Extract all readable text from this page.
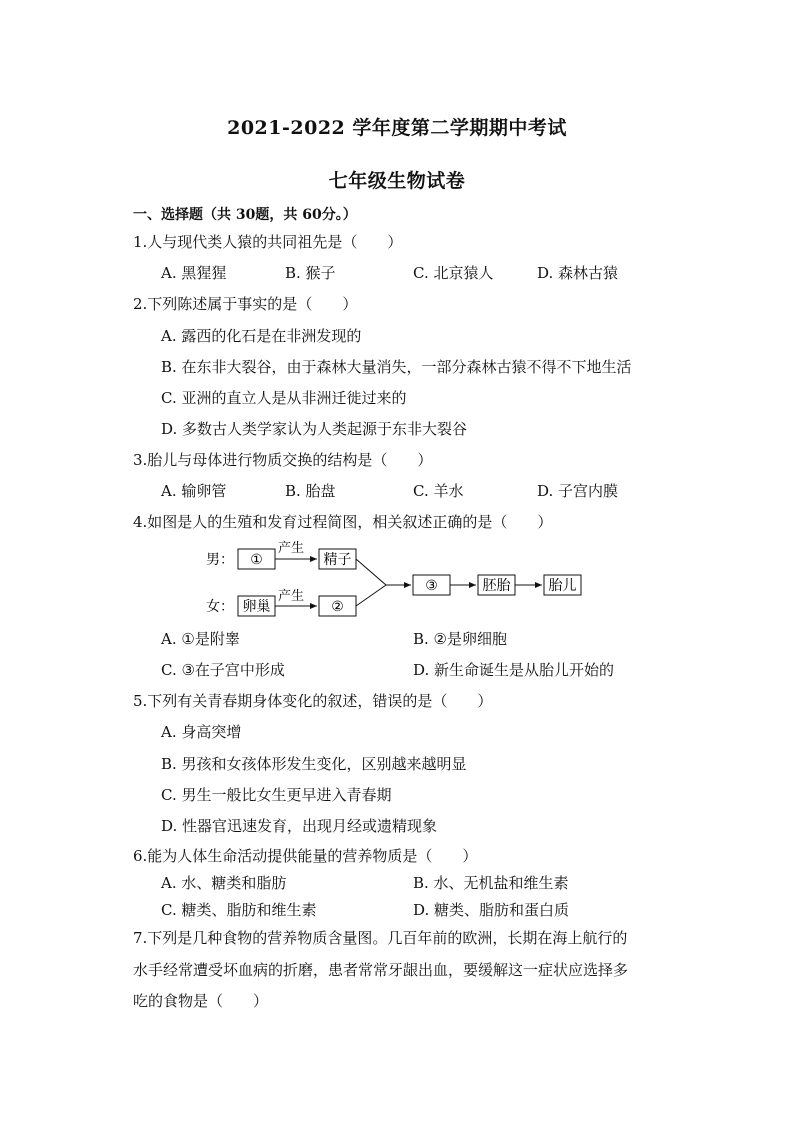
2021-2022 学年度第二学期期中考试
七年级生物试卷
一、选择题（共 30题，共 60分。）
1.人与现代类人猿的共同祖先是（　　）
A. 黑猩猩	B. 猴子	C. 北京猿人	D. 森林古猿
2.下列陈述属于事实的是（　　）
A. 露西的化石是在非洲发现的
B. 在东非大裂谷，由于森林大量消失，一部分森林古猿不得不下地生活
C. 亚洲的直立人是从非洲迁徙过来的
D. 多数古人类学家认为人类起源于东非大裂谷
3.胎儿与母体进行物质交换的结构是（　　）
A. 输卵管	B. 胎盘	C. 羊水	D. 子宫内膜
4.如图是人的生殖和发育过程简图，相关叙述正确的是（　　）
男： ①
产生
精子
女： 卵巢
产生
②
③	胚胎	胎儿
A. ①是附睾	B. ②是卵细胞
C. ③在子宫中形成	D. 新生命诞生是从胎儿开始的
5.下列有关青春期身体变化的叙述，错误的是（　　）
A. 身高突增
B. 男孩和女孩体形发生变化，区别越来越明显
C. 男生一般比女生更早进入青春期
D. 性器官迅速发育，出现月经或遗精现象
6.能为人体生命活动提供能量的营养物质是（　　）
A. 水、糖类和脂肪	B. 水、无机盐和维生素
C. 糖类、脂肪和维生素	D. 糖类、脂肪和蛋白质
7.下列是几种食物的营养物质含量图。几百年前的欧洲，长期在海上航行的
水手经常遭受坏血病的折磨，患者常常牙龈出血，要缓解这一症状应选择多
吃的食物是（　　）
